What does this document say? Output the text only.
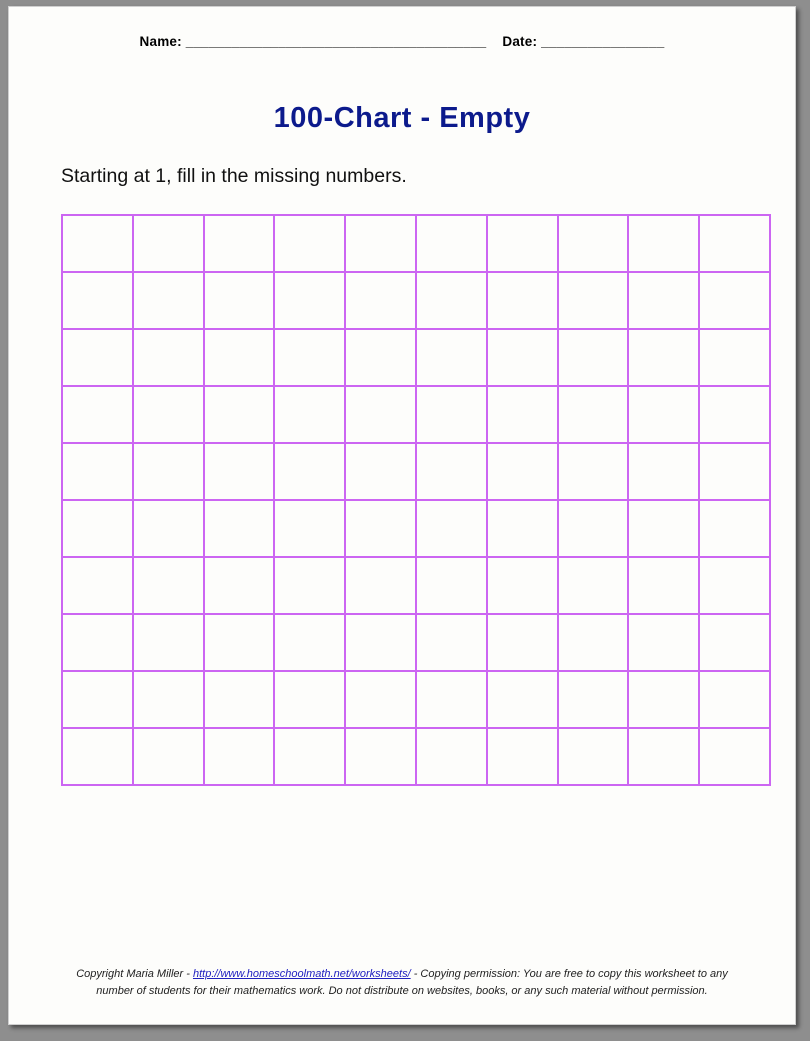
Name: _______________________________________ Date: ________________
100-Chart - Empty
Starting at 1, fill in the missing numbers.

Copyright Maria Miller - http://www.homeschoolmath.net/worksheets/ - Copying permission: You are free to copy this worksheet to any
number of students for their mathematics work. Do not distribute on websites, books, or any such material without permission.
